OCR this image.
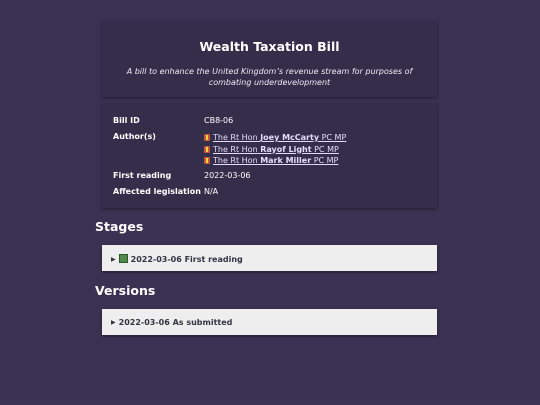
Wealth Taxation Bill
A bill to enhance the United Kingdom’s revenue stream for purposes of combating underdevelopment
Bill ID	CB8-06
Author(s)	The Rt Hon Joey McCarty PC MP
The Rt Hon Rayof Light PC MP
The Rt Hon Mark Miller PC MP
First reading	2022-03-06
Affected legislation N/A
Stages
▶ 2022-03-06 First reading
Versions
▶ 2022-03-06 As submitted
